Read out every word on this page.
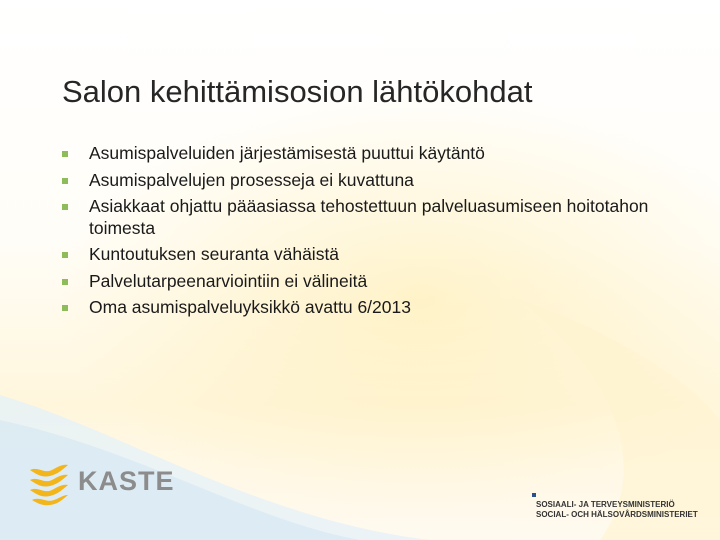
Salon kehittämisosion lähtökohdat
Asumispalveluiden järjestämisestä puuttui käytäntö
Asumispalvelujen prosesseja ei kuvattuna
Asiakkaat ohjattu pääasiassa tehostettuun palveluasumiseen hoitotahon toimesta
Kuntoutuksen seuranta vähäistä
Palvelutarpeenarviointiin ei välineitä
Oma asumispalveluyksikkö avattu 6/2013
KASTE
SOSIAALI- JA TERVEYSMINISTERIÖ
SOCIAL- OCH HÄLSOVÅRDSMINISTERIET
